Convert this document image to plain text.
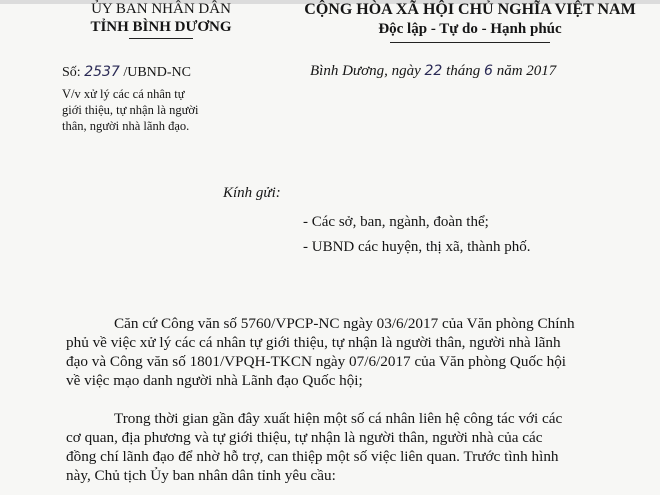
ỦY BAN NHÂN DÂN
TỈNH BÌNH DƯƠNG
CỘNG HÒA XÃ HỘI CHỦ NGHĨA VIỆT NAM
Độc lập - Tự do - Hạnh phúc
Số: 2537 /UBND-NC
V/v xử lý các cá nhân tự
giới thiệu, tự nhận là người
thân, người nhà lãnh đạo.
Bình Dương, ngày 22 tháng 6 năm 2017
Kính gửi:
- Các sở, ban, ngành, đoàn thể;
- UBND các huyện, thị xã, thành phố.
Căn cứ Công văn số 5760/VPCP-NC ngày 03/6/2017 của Văn phòng Chính
phủ về việc xử lý các cá nhân tự giới thiệu, tự nhận là người thân, người nhà lãnh
đạo và Công văn số 1801/VPQH-TKCN ngày 07/6/2017 của Văn phòng Quốc hội
về việc mạo danh người nhà Lãnh đạo Quốc hội;
Trong thời gian gần đây xuất hiện một số cá nhân liên hệ công tác với các
cơ quan, địa phương và tự giới thiệu, tự nhận là người thân, người nhà của các
đồng chí lãnh đạo để nhờ hỗ trợ, can thiệp một số việc liên quan. Trước tình hình
này, Chủ tịch Ủy ban nhân dân tỉnh yêu cầu:
